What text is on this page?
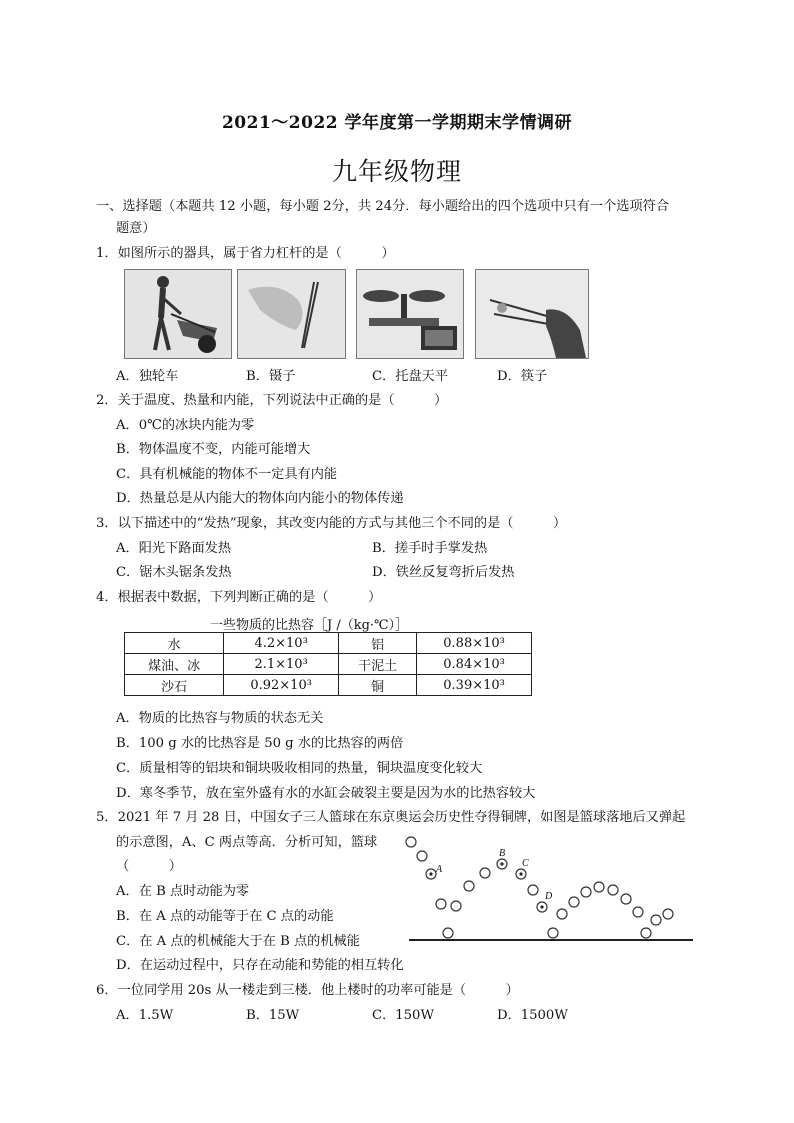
2021～2022 学年度第一学期期末学情调研
九年级物理
一、选择题（本题共 12 小题，每小题 2分，共 24分．每小题给出的四个选项中只有一个选项符合
题意）
1．如图所示的器具，属于省力杠杆的是（　　　）
A．独轮车	B．镊子	C．托盘天平	D．筷子
2．关于温度、热量和内能，下列说法中正确的是（　　　）
A．0℃的冰块内能为零
B．物体温度不变，内能可能增大
C．具有机械能的物体不一定具有内能
D．热量总是从内能大的物体向内能小的物体传递
3．以下描述中的“发热”现象，其改变内能的方式与其他三个不同的是（　　　）
A．阳光下路面发热	B．搓手时手掌发热
C．锯木头锯条发热	D．铁丝反复弯折后发热
4．根据表中数据，下列判断正确的是（　　　）
一些物质的比热容［J /（kg·℃）］
水	4.2×10³	铝	0.88×10³
煤油、冰	2.1×10³	干泥土	0.84×10³
沙石	0.92×10³	铜	0.39×10³
A．物质的比热容与物质的状态无关
B．100 g 水的比热容是 50 g 水的比热容的两倍
C．质量相等的铝块和铜块吸收相同的热量，铜块温度变化较大
D．寒冬季节，放在室外盛有水的水缸会破裂主要是因为水的比热容较大
5．2021 年 7 月 28 日，中国女子三人篮球在东京奥运会历史性夺得铜牌，如图是篮球落地后又弹起
的示意图，A、C 两点等高．分析可知，篮球
（　　　）
A．在 B 点时动能为零
B．在 A 点的动能等于在 C 点的动能
C．在 A 点的机械能大于在 B 点的机械能
D．在运动过程中，只存在动能和势能的相互转化
A
B
C
D
6．一位同学用 20s 从一楼走到三楼．他上楼时的功率可能是（　　　）
A．1.5W	B．15W	C．150W	D．1500W
